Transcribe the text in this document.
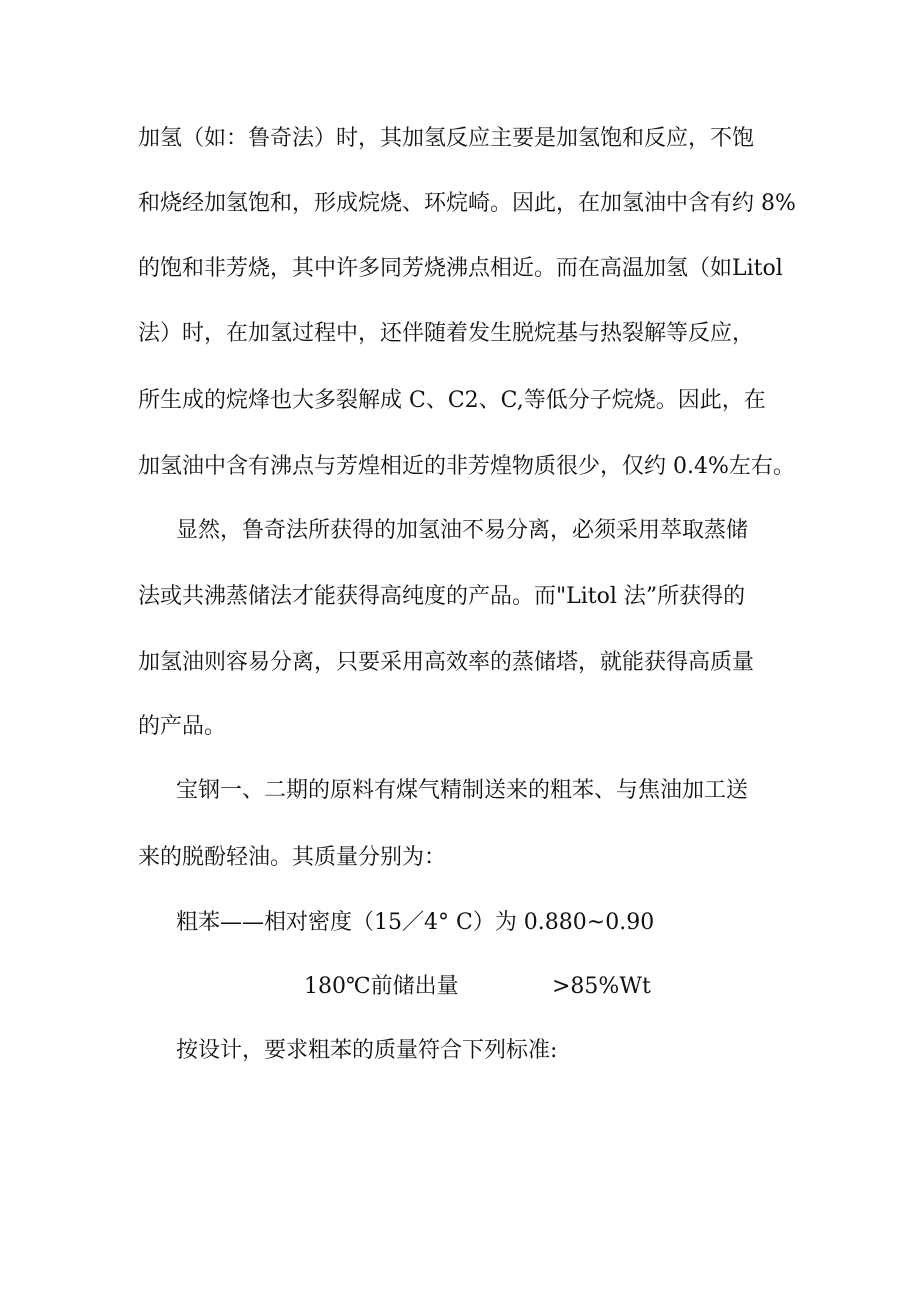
加氢（如：鲁奇法）时，其加氢反应主要是加氢饱和反应，不饱
和烧经加氢饱和，形成烷烧、环烷崎。因此，在加氢油中含有约 8%
的饱和非芳烧，其中许多同芳烧沸点相近。而在高温加氢（如Litol
法）时，在加氢过程中，还伴随着发生脱烷基与热裂解等反应，
所生成的烷烽也大多裂解成 C、C2、C,等低分子烷烧。因此，在
加氢油中含有沸点与芳煌相近的非芳煌物质很少，仅约 0.4%左右。
显然，鲁奇法所获得的加氢油不易分离，必须采用萃取蒸储
法或共沸蒸储法才能获得高纯度的产品。而"Litol 法”所获得的
加氢油则容易分离，只要采用高效率的蒸储塔，就能获得高质量
的产品。
宝钢一、二期的原料有煤气精制送来的粗苯、与焦油加工送
来的脱酚轻油。其质量分别为：
粗苯——相对密度（15／4° C）为 0.880~0.90
180℃前储出量	>85%Wt
按设计，要求粗苯的质量符合下列标准:
